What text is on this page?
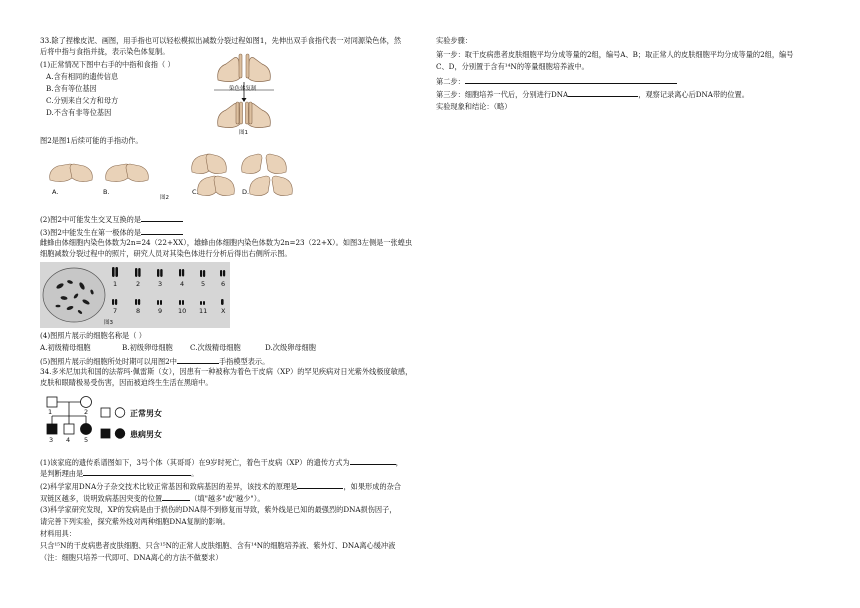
33.除了捏橡皮泥、画图，用手指也可以轻松模拟出减数分裂过程如图1，先伸出双手食指代表一对同源染色体，然
后将中指与食指并拢，表示染色体复制。
(1)正常情况下图中右手的中指和食指（ ）
A.含有相同的遗传信息
B.含有等位基因
C.分别来自父方和母方
D.不含有非等位基因
染色体复制
图1
图2是图1后续可能的手指动作。
A.	B.
图2
C.	D.
(2)图2中可能发生交叉互换的是
(3)图2中能发生在第一极体的是
雌蜂由体细胞内染色体数为2n=24（22+XX），雄蜂由体细胞内染色体数为2n=23（22+X）。如图3左侧是一张蝗虫
细胞减数分裂过程中的照片，研究人员对其染色体进行分析后得出右侧所示图。
1	2	3	4	5 6
7	8	9 10 11 X
图3
(4)图照片展示的细胞名称是（ ）
A.初级精母细胞	B.初级卵母细胞 C.次级精母细胞	D.次级卵母细胞
(5)图照片展示的细胞所处时期可以用图2中	手指模型表示。
34.多米尼加共和国的法蒂玛·佩雷斯（女），因患有一种被称为着色干皮病（XP）的罕见疾病对日光紫外线极度敏感，
皮肤和眼睛极易受伤害，因而被迫终生生活在黑暗中。
1	2
3 4 5
正常男女
患病男女
(1)该家庭的遗传系谱图如下，3号个体（其哥哥）在9岁时死亡，着色干皮病（XP）的遗传方式为	，
是判断理由是	。
(2)科学家用DNA分子杂交技术比较正常基因和致病基因的差异，该技术的原理是	，如果形成的杂合
双链区越多，说明致病基因突变的位置	（填"越多"或"越少"）。
(3)科学家研究发现，XP的发病是由于损伤的DNA得不到修复而导致，紫外线是已知的最强烈的DNA损伤因子，
请完善下列实验，探究紫外线对两种细胞DNA复制的影响。
材料用具：
只含¹⁵N的干皮病患者皮肤细胞、只含¹⁵N的正常人皮肤细胞、含有¹⁴N的细胞培养液、紫外灯、DNA离心缓冲液
（注：细胞只培养一代即可、DNA离心的方法不做要求）
实验步骤：
第一步：取干皮病患者皮肤细胞平均分成等量的2组，编号A、B；取正常人的皮肤细胞平均分成等量的2组，编号
C、D，分别置于含有¹⁴N的等量细胞培养液中。
第二步：
第三步：细胞培养一代后，分别进行DNA	，观察记录离心后DNA带的位置。
实验现象和结论：（略）
